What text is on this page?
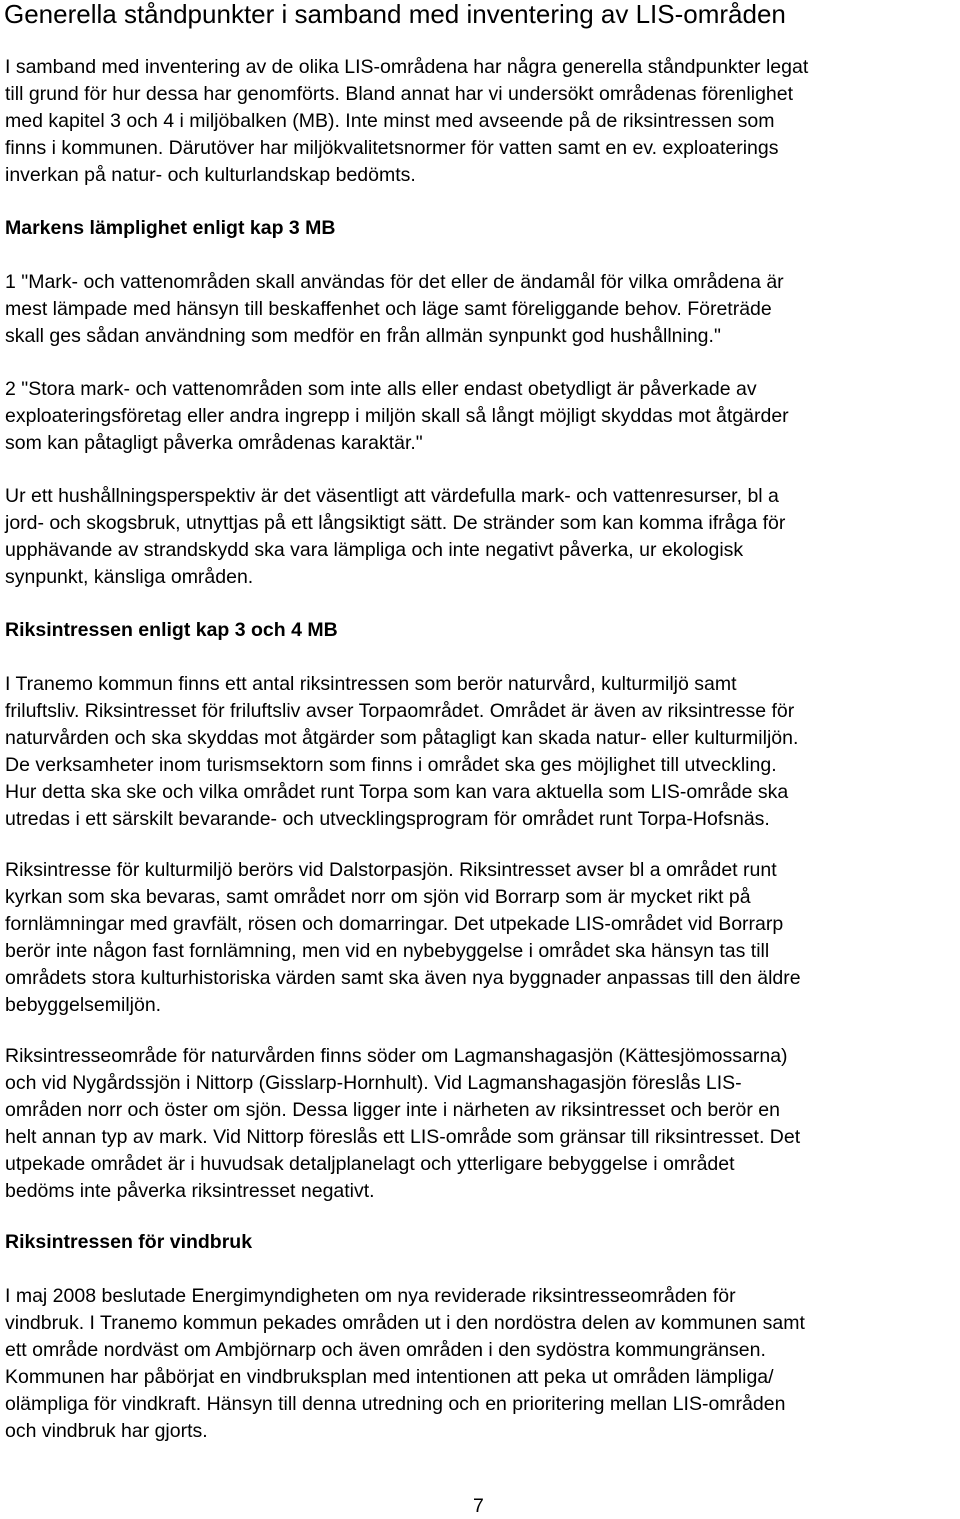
Generella ståndpunkter i samband med inventering av LIS-områden
I samband med inventering av de olika LIS-områdena har några generella ståndpunkter legat
till grund för hur dessa har genomförts. Bland annat har vi undersökt områdenas förenlighet
med kapitel 3 och 4 i miljöbalken (MB). Inte minst med avseende på de riksintressen som
finns i kommunen. Därutöver har miljökvalitetsnormer för vatten samt en ev. exploaterings
inverkan på natur- och kulturlandskap bedömts.
Markens lämplighet enligt kap 3 MB
1 "Mark- och vattenområden skall användas för det eller de ändamål för vilka områdena är
mest lämpade med hänsyn till beskaffenhet och läge samt föreliggande behov. Företräde
skall ges sådan användning som medför en från allmän synpunkt god hushållning."
2 "Stora mark- och vattenområden som inte alls eller endast obetydligt är påverkade av
exploateringsföretag eller andra ingrepp i miljön skall så långt möjligt skyddas mot åtgärder
som kan påtagligt påverka områdenas karaktär."
Ur ett hushållningsperspektiv är det väsentligt att värdefulla mark- och vattenresurser, bl a
jord- och skogsbruk, utnyttjas på ett långsiktigt sätt. De stränder som kan komma ifråga för
upphävande av strandskydd ska vara lämpliga och inte negativt påverka, ur ekologisk
synpunkt, känsliga områden.
Riksintressen enligt kap 3 och 4 MB
I Tranemo kommun finns ett antal riksintressen som berör naturvård, kulturmiljö samt
friluftsliv. Riksintresset för friluftsliv avser Torpaområdet. Området är även av riksintresse för
naturvården och ska skyddas mot åtgärder som påtagligt kan skada natur- eller kulturmiljön.
De verksamheter inom turismsektorn som finns i området ska ges möjlighet till utveckling.
Hur detta ska ske och vilka området runt Torpa som kan vara aktuella som LIS-område ska
utredas i ett särskilt bevarande- och utvecklingsprogram för området runt Torpa-Hofsnäs.
Riksintresse för kulturmiljö berörs vid Dalstorpasjön. Riksintresset avser bl a området runt
kyrkan som ska bevaras, samt området norr om sjön vid Borrarp som är mycket rikt på
fornlämningar med gravfält, rösen och domarringar. Det utpekade LIS-området vid Borrarp
berör inte någon fast fornlämning, men vid en nybebyggelse i området ska hänsyn tas till
områdets stora kulturhistoriska värden samt ska även nya byggnader anpassas till den äldre
bebyggelsemiljön.
Riksintresseområde för naturvården finns söder om Lagmanshagasjön (Kättesjömossarna)
och vid Nygårdssjön i Nittorp (Gisslarp-Hornhult). Vid Lagmanshagasjön föreslås LIS-
områden norr och öster om sjön. Dessa ligger inte i närheten av riksintresset och berör en
helt annan typ av mark. Vid Nittorp föreslås ett LIS-område som gränsar till riksintresset. Det
utpekade området är i huvudsak detaljplanelagt och ytterligare bebyggelse i området
bedöms inte påverka riksintresset negativt.
Riksintressen för vindbruk
I maj 2008 beslutade Energimyndigheten om nya reviderade riksintresseområden för
vindbruk. I Tranemo kommun pekades områden ut i den nordöstra delen av kommunen samt
ett område nordväst om Ambjörnarp och även områden i den sydöstra kommungränsen.
Kommunen har påbörjat en vindbruksplan med intentionen att peka ut områden lämpliga/
olämpliga för vindkraft. Hänsyn till denna utredning och en prioritering mellan LIS-områden
och vindbruk har gjorts.
7
